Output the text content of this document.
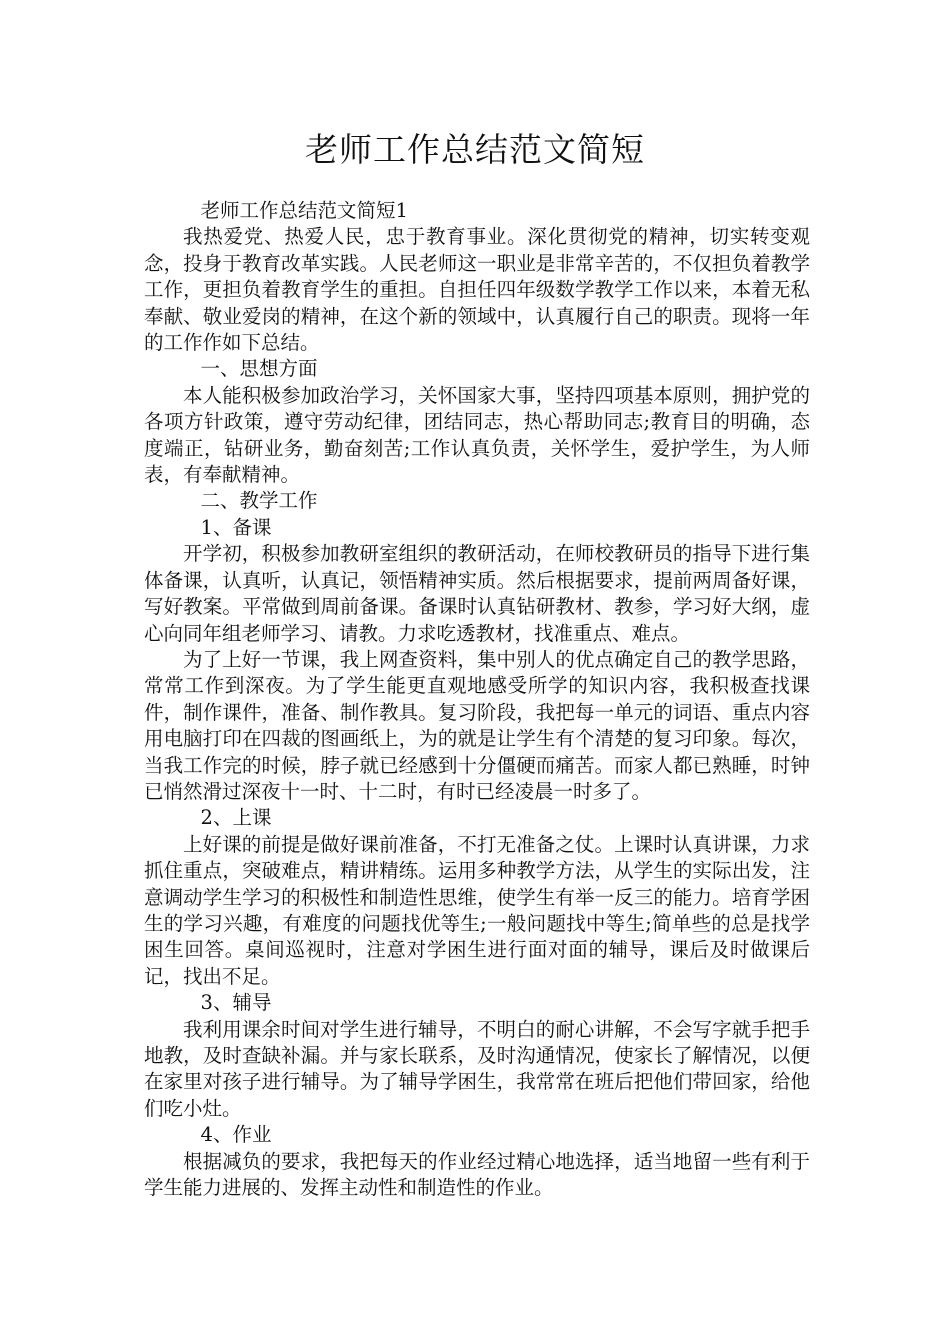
老师工作总结范文简短

老师工作总结范文简短1

我热爱党、热爱人民，忠于教育事业。深化贯彻党的精神，切实转变观念，投身于教育改革实践。人民老师这一职业是非常辛苦的，不仅担负着教学工作，更担负着教育学生的重担。自担任四年级数学教学工作以来，本着无私奉献、敬业爱岗的精神，在这个新的领域中，认真履行自己的职责。现将一年的工作作如下总结。

一、思想方面

本人能积极参加政治学习，关怀国家大事，坚持四项基本原则，拥护党的各项方针政策，遵守劳动纪律，团结同志，热心帮助同志;教育目的明确，态度端正，钻研业务，勤奋刻苦;工作认真负责，关怀学生，爱护学生，为人师表，有奉献精神。

二、教学工作

1、备课

开学初，积极参加教研室组织的教研活动，在师校教研员的指导下进行集体备课，认真听，认真记，领悟精神实质。然后根据要求，提前两周备好课，写好教案。平常做到周前备课。备课时认真钻研教材、教参，学习好大纲，虚心向同年组老师学习、请教。力求吃透教材，找准重点、难点。

为了上好一节课，我上网查资料，集中别人的优点确定自己的教学思路，常常工作到深夜。为了学生能更直观地感受所学的知识内容，我积极查找课件，制作课件，准备、制作教具。复习阶段，我把每一单元的词语、重点内容用电脑打印在四裁的图画纸上，为的就是让学生有个清楚的复习印象。每次，当我工作完的时候，脖子就已经感到十分僵硬而痛苦。而家人都已熟睡，时钟已悄然滑过深夜十一时、十二时，有时已经凌晨一时多了。

2、上课

上好课的前提是做好课前准备，不打无准备之仗。上课时认真讲课，力求抓住重点，突破难点，精讲精练。运用多种教学方法，从学生的实际出发，注意调动学生学习的积极性和制造性思维，使学生有举一反三的能力。培育学困生的学习兴趣，有难度的问题找优等生;一般问题找中等生;简单些的总是找学困生回答。桌间巡视时，注意对学困生进行面对面的辅导，课后及时做课后记，找出不足。

3、辅导

我利用课余时间对学生进行辅导，不明白的耐心讲解，不会写字就手把手地教，及时查缺补漏。并与家长联系，及时沟通情况，使家长了解情况，以便在家里对孩子进行辅导。为了辅导学困生，我常常在班后把他们带回家，给他们吃小灶。

4、作业

根据减负的要求，我把每天的作业经过精心地选择，适当地留一些有利于学生能力进展的、发挥主动性和制造性的作业。
